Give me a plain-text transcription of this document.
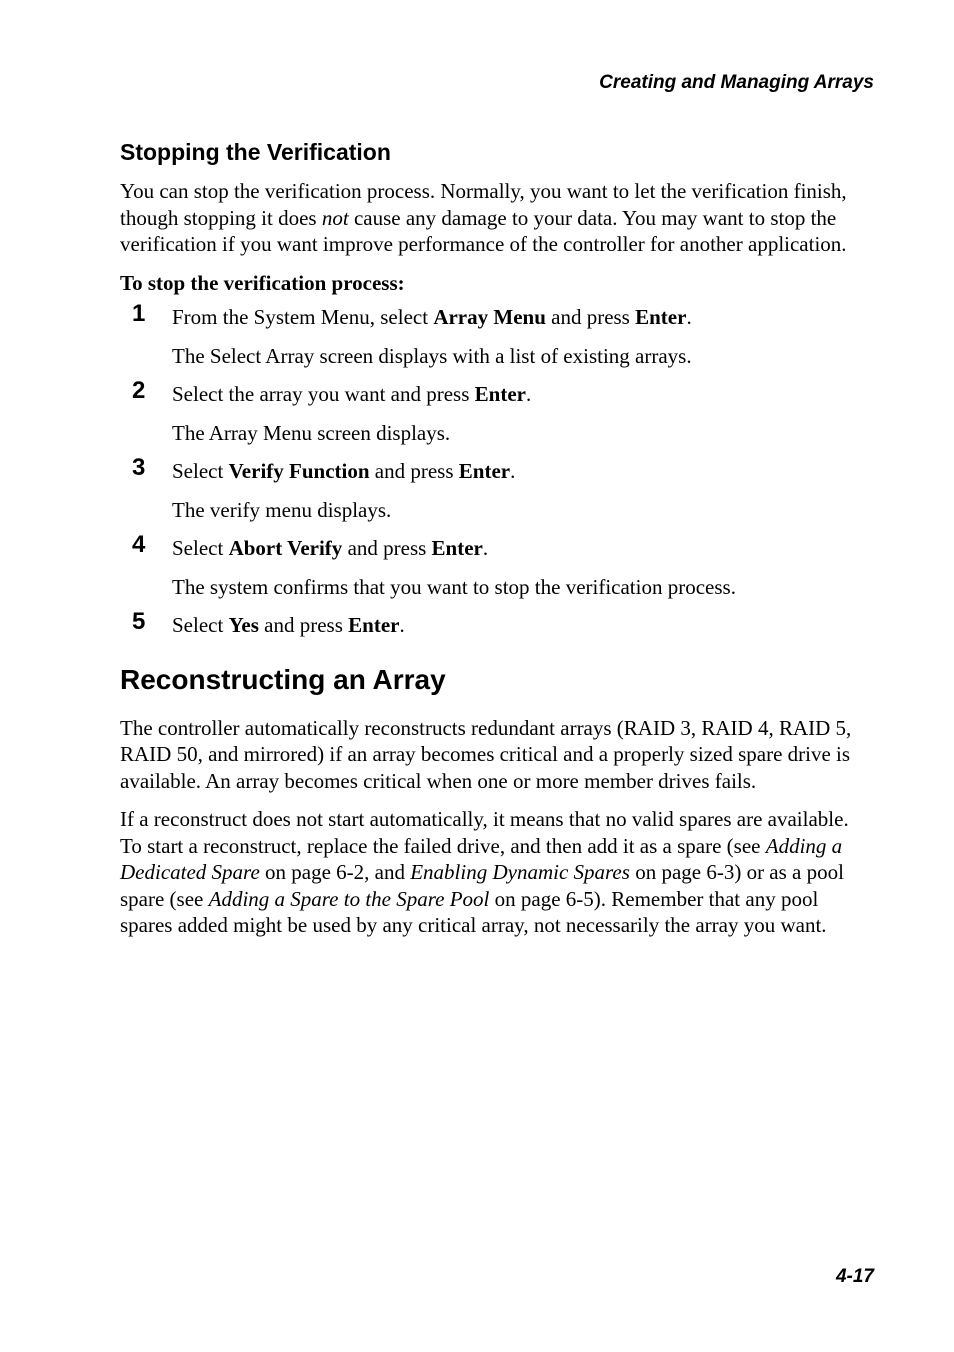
Creating and Managing Arrays
Stopping the Verification

You can stop the verification process. Normally, you want to let the verification finish, though stopping it does not cause any damage to your data. You may want to stop the verification if you want improve performance of the controller for another application.

To stop the verification process:

1 From the System Menu, select Array Menu and press Enter.

The Select Array screen displays with a list of existing arrays.

2 Select the array you want and press Enter.

The Array Menu screen displays.

3 Select Verify Function and press Enter.

The verify menu displays.

4 Select Abort Verify and press Enter.

The system confirms that you want to stop the verification process.

5 Select Yes and press Enter.

Reconstructing an Array

The controller automatically reconstructs redundant arrays (RAID 3, RAID 4, RAID 5, RAID 50, and mirrored) if an array becomes critical and a properly sized spare drive is available. An array becomes critical when one or more member drives fails.

If a reconstruct does not start automatically, it means that no valid spares are available. To start a reconstruct, replace the failed drive, and then add it as a spare (see Adding a Dedicated Spare on page 6-2, and Enabling Dynamic Spares on page 6-3) or as a pool spare (see Adding a Spare to the Spare Pool on page 6-5). Remember that any pool spares added might be used by any critical array, not necessarily the array you want.

4-17
